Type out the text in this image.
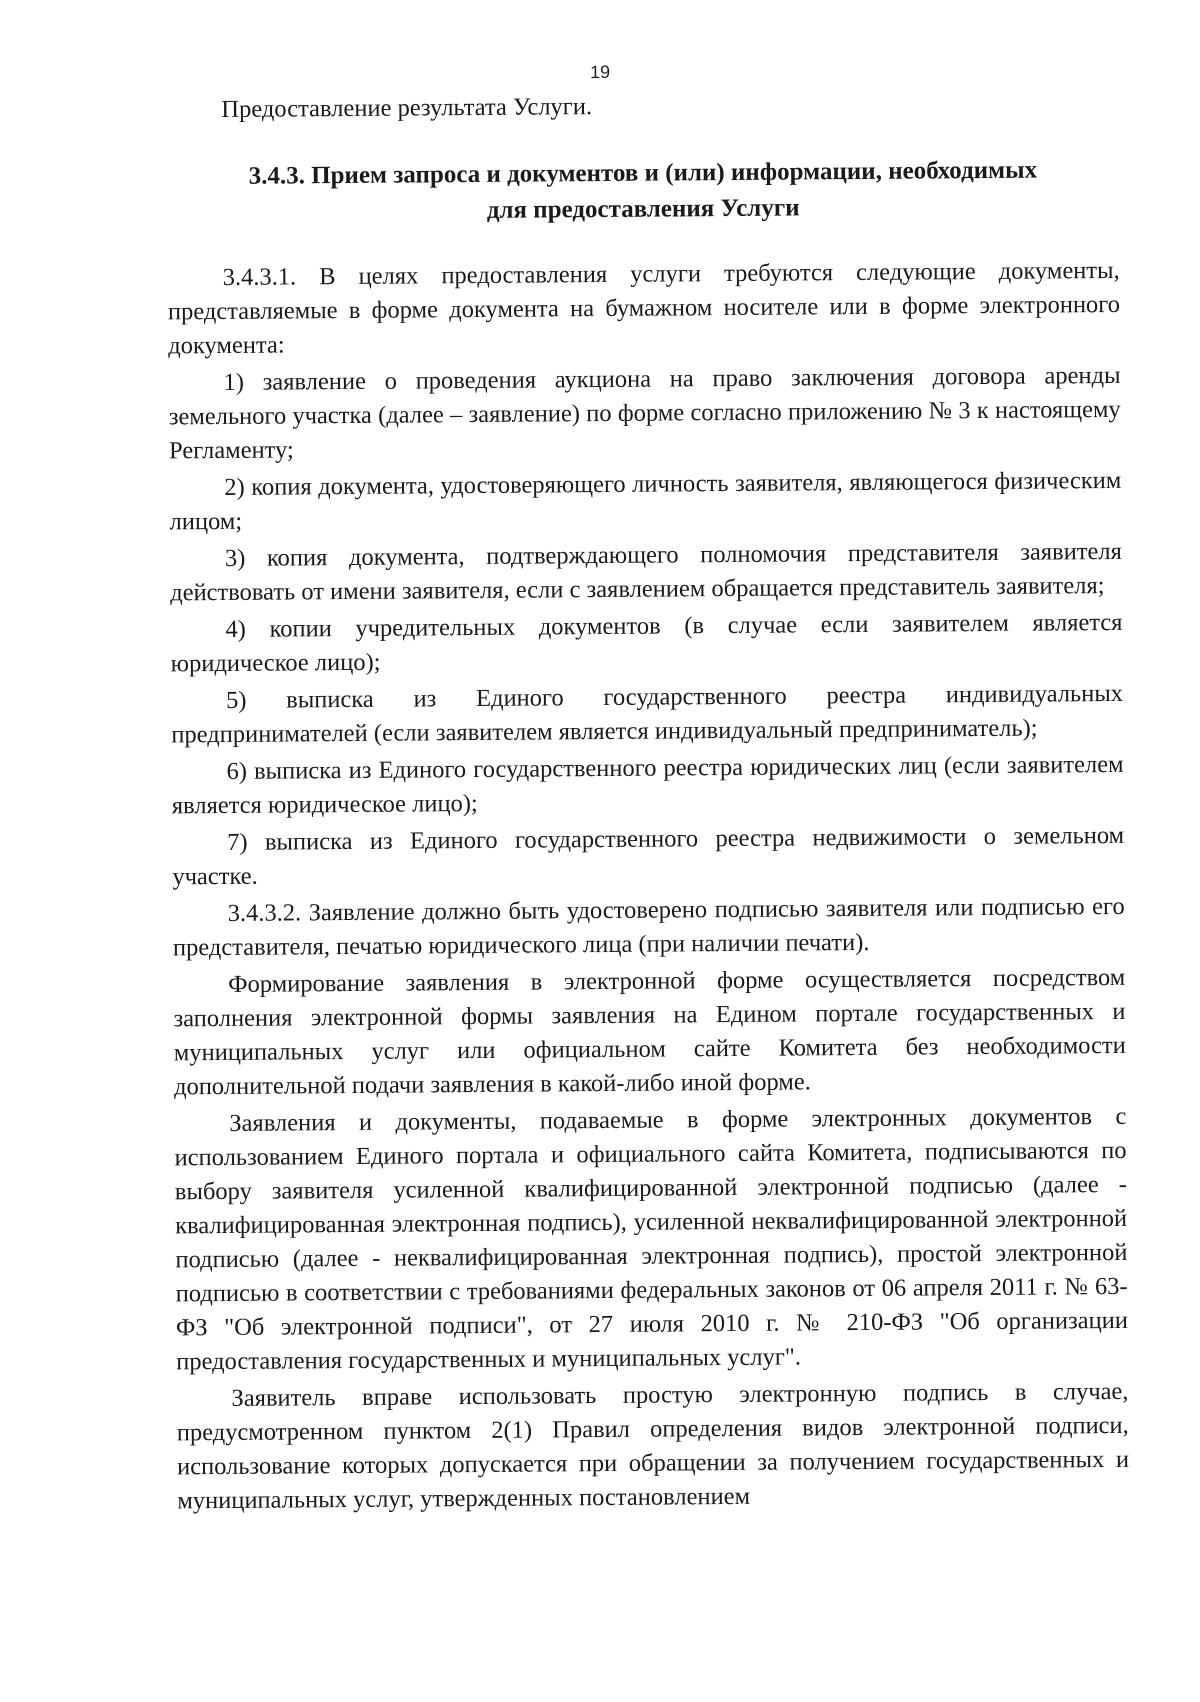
19

Предоставление результата Услуги.

3.4.3. Прием запроса и документов и (или) информации, необходимых
для предоставления Услуги

3.4.3.1. В целях предоставления услуги требуются следующие документы, представляемые в форме документа на бумажном носителе или в форме электронного документа:

1) заявление о проведения аукциона на право заключения договора аренды земельного участка (далее – заявление) по форме согласно приложению № 3 к настоящему Регламенту;

2) копия документа, удостоверяющего личность заявителя, являющегося физическим лицом;

3) копия документа, подтверждающего полномочия представителя заявителя действовать от имени заявителя, если с заявлением обращается представитель заявителя;

4) копии учредительных документов (в случае если заявителем является юридическое лицо);

5) выписка из Единого государственного реестра индивидуальных предпринимателей (если заявителем является индивидуальный предприниматель);

6) выписка из Единого государственного реестра юридических лиц (если заявителем является юридическое лицо);

7) выписка из Единого государственного реестра недвижимости о земельном участке.

3.4.3.2. Заявление должно быть удостоверено подписью заявителя или подписью его представителя, печатью юридического лица (при наличии печати).

Формирование заявления в электронной форме осуществляется посредством заполнения электронной формы заявления на Едином портале государственных и муниципальных услуг или официальном сайте Комитета без необходимости дополнительной подачи заявления в какой-либо иной форме.

Заявления и документы, подаваемые в форме электронных документов с использованием Единого портала и официального сайта Комитета, подписываются по выбору заявителя усиленной квалифицированной электронной подписью (далее - квалифицированная электронная подпись), усиленной неквалифицированной электронной подписью (далее - неквалифицированная электронная подпись), простой электронной подписью в соответствии с требованиями федеральных законов от 06 апреля 2011 г. № 63-ФЗ "Об электронной подписи", от 27 июля 2010 г. № 210-ФЗ "Об организации предоставления государственных и муниципальных услуг".

Заявитель вправе использовать простую электронную подпись в случае, предусмотренном пунктом 2(1) Правил определения видов электронной подписи, использование которых допускается при обращении за получением государственных и муниципальных услуг, утвержденных постановлением
